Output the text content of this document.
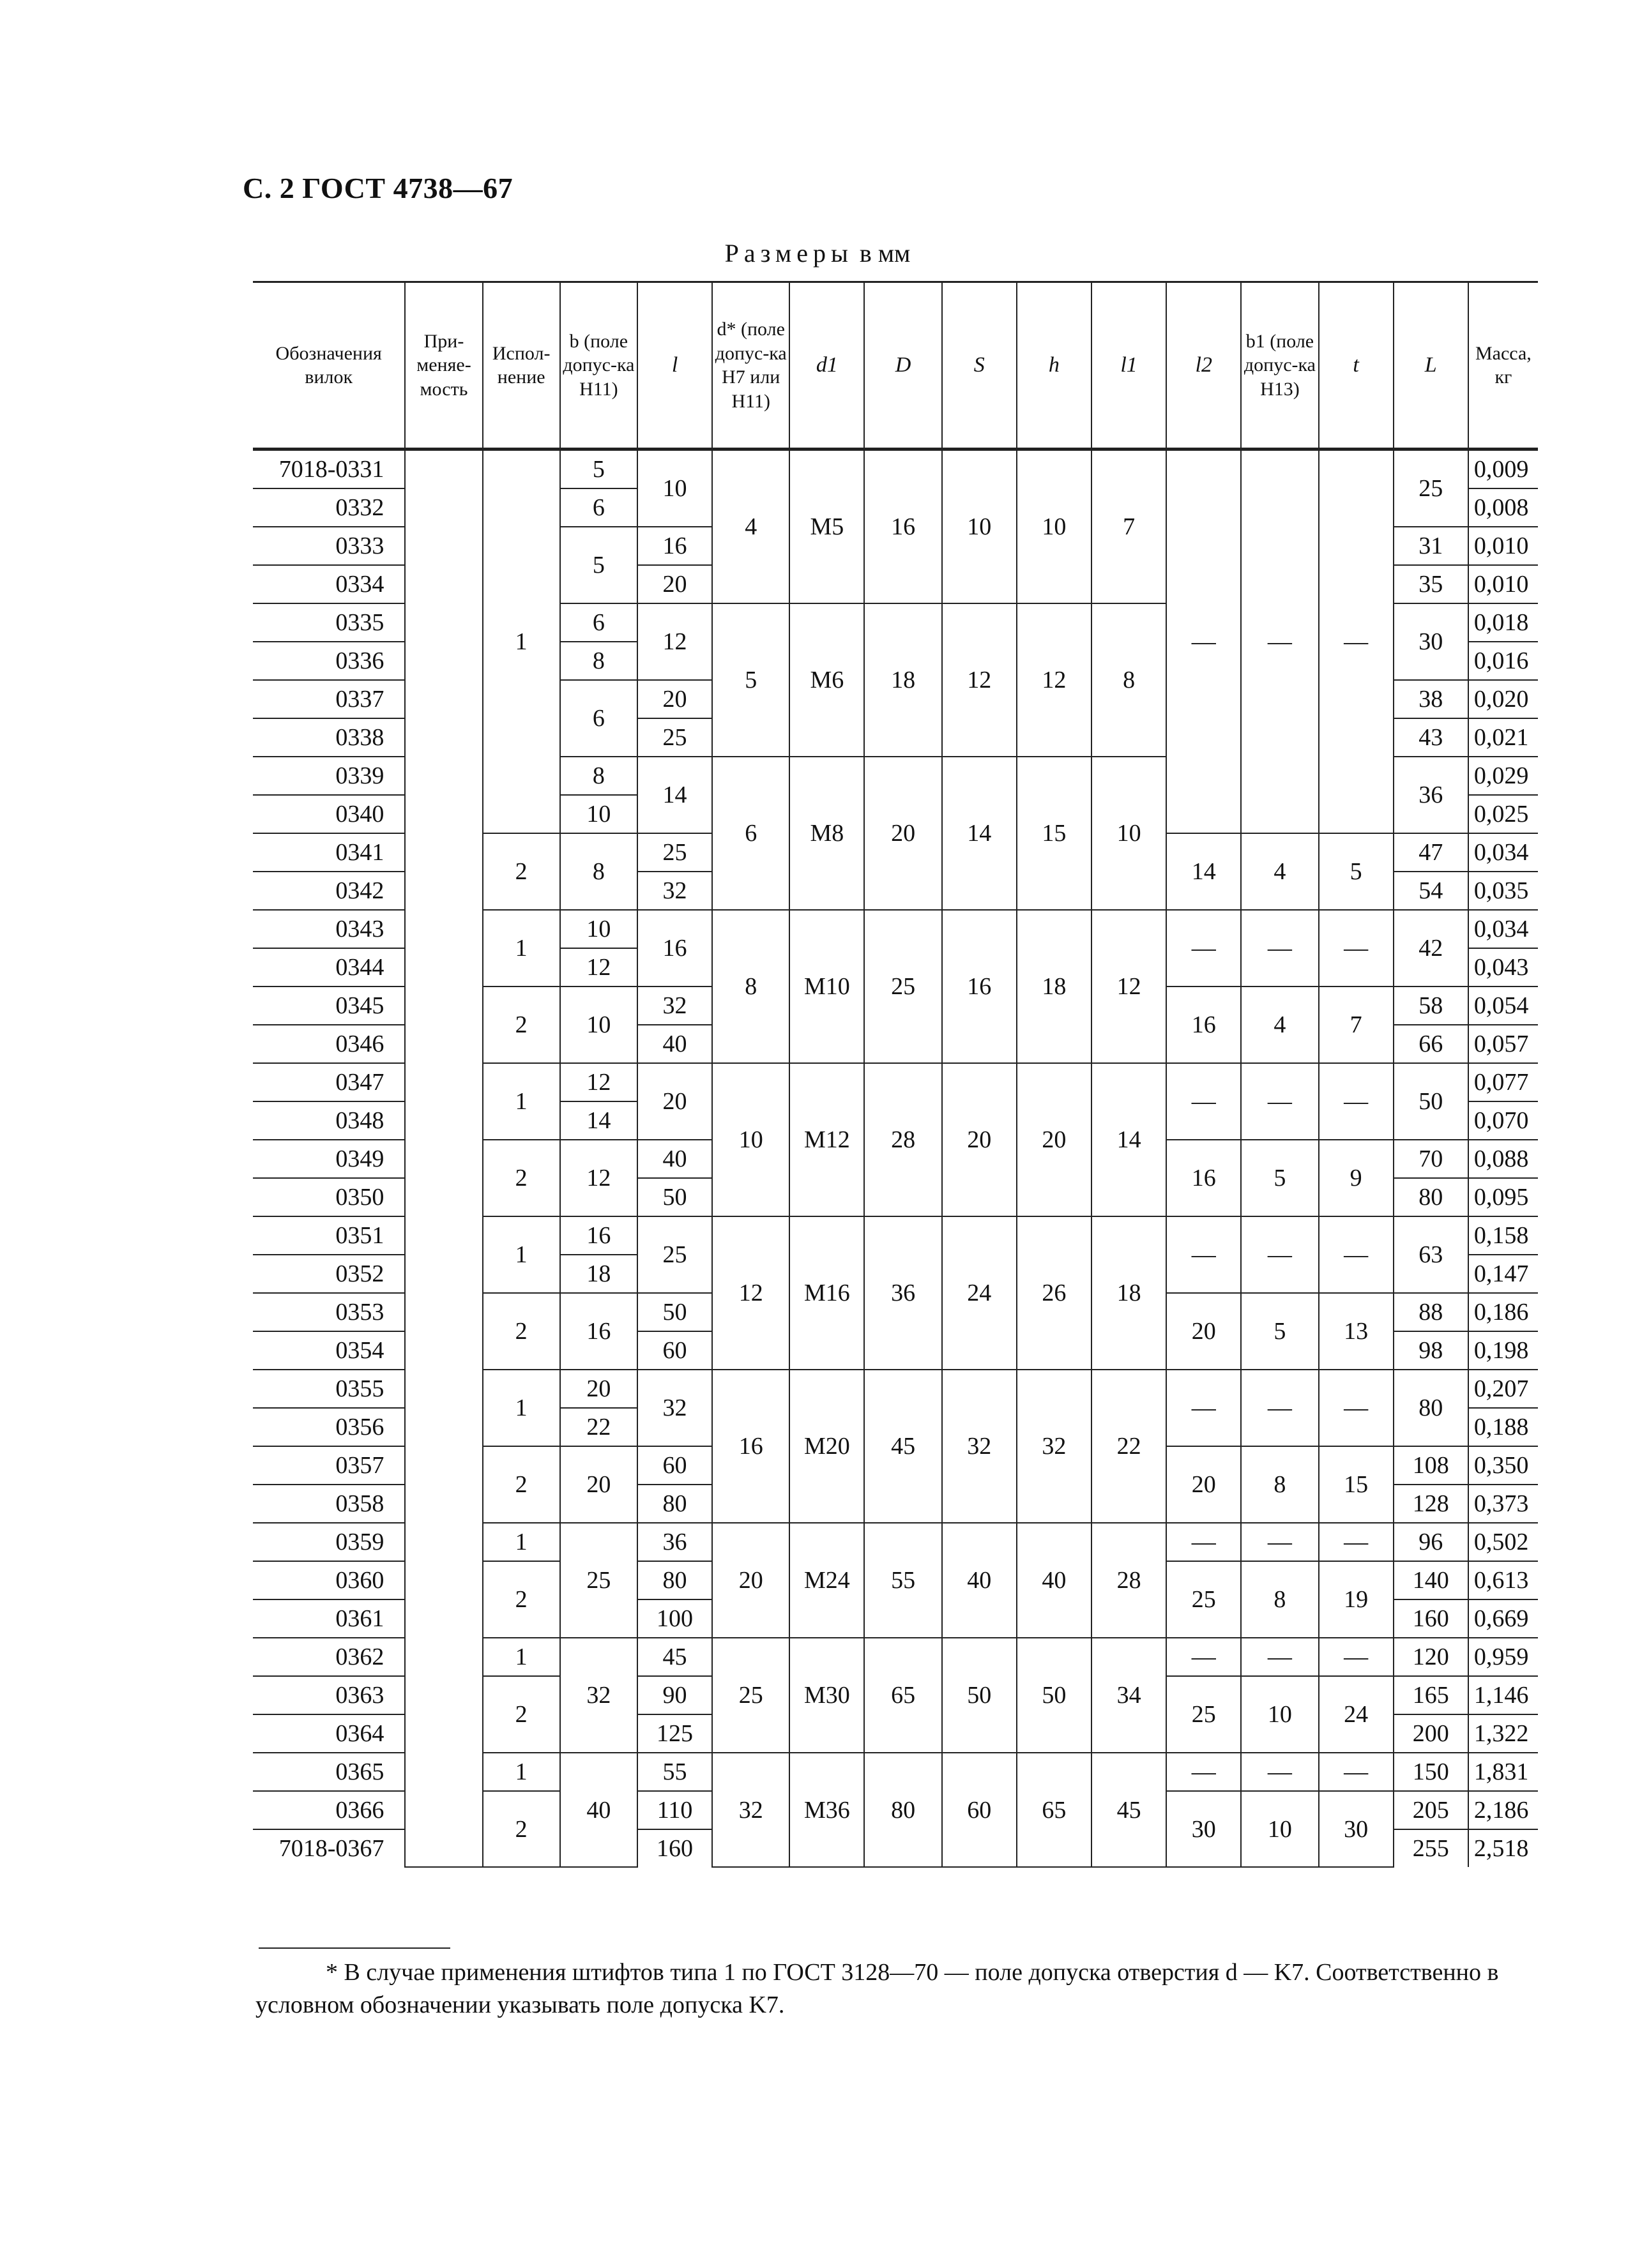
С. 2 ГОСТ 4738—67
Размеры в мм
Обозначения вилок	При-меняе-мость	Испол-нение	b (поле допус-ка H11)	l	d* (поле допус-ка H7 или H11)	d1	D	S	h	l1	l2	b1 (поле допус-ка H13)	t	L	Масса, кг
7018-0331		1	5	10	4	M5	16	10	10	7	—	—	—	25	0,009
0332			6												0,008
0333			5	16										31	0,010
0334				20										35	0,010
0335			6	12	5	M6	18	12	12	8				30	0,018
0336			8												0,016
0337			6	20										38	0,020
0338				25										43	0,021
0339			8	14	6	M8	20	14	15	10				36	0,029
0340			10												0,025
0341		2	8	25							14	4	5	47	0,034
0342				32										54	0,035
0343		1	10	16	8	M10	25	16	18	12	—	—	—	42	0,034
0344			12												0,043
0345		2	10	32							16	4	7	58	0,054
0346				40										66	0,057
0347		1	12	20	10	M12	28	20	20	14	—	—	—	50	0,077
0348			14												0,070
0349		2	12	40							16	5	9	70	0,088
0350				50										80	0,095
0351		1	16	25	12	M16	36	24	26	18	—	—	—	63	0,158
0352			18												0,147
0353		2	16	50							20	5	13	88	0,186
0354				60										98	0,198
0355		1	20	32	16	M20	45	32	32	22	—	—	—	80	0,207
0356			22												0,188
0357		2	20	60							20	8	15	108	0,350
0358				80										128	0,373
0359		1	25	36	20	M24	55	40	40	28	—	—	—	96	0,502
0360		2		80							25	8	19	140	0,613
0361				100										160	0,669
0362		1	32	45	25	M30	65	50	50	34	—	—	—	120	0,959
0363		2		90							25	10	24	165	1,146
0364				125										200	1,322
0365		1	40	55	32	M36	80	60	65	45	—	—	—	150	1,831
0366		2		110							30	10	30	205	2,186
7018-0367				160										255	2,518
* В случае применения штифтов типа 1 по ГОСТ 3128—70 — поле допуска отверстия d — K7. Соответственно в условном обозначении указывать поле допуска K7.
